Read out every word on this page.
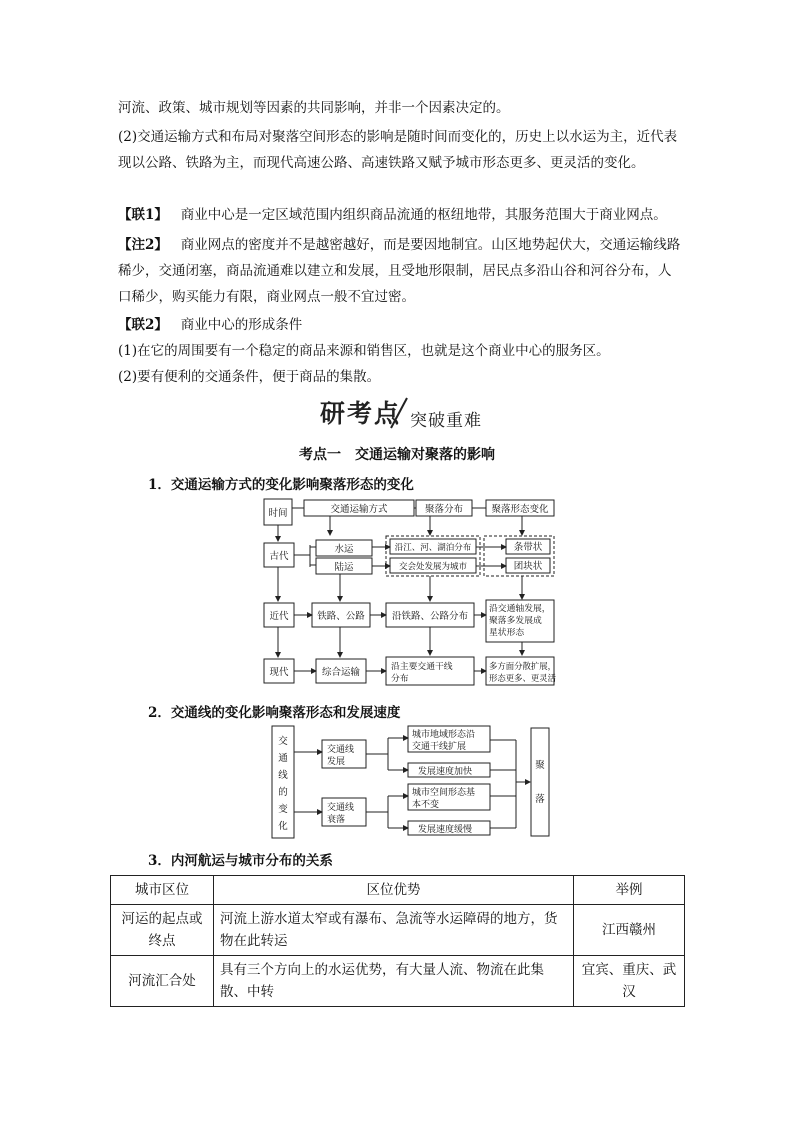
河流、政策、城市规划等因素的共同影响，并非一个因素决定的。

(2)交通运输方式和布局对聚落空间形态的影响是随时间而变化的，历史上以水运为主，近代表现以公路、铁路为主，而现代高速公路、高速铁路又赋予城市形态更多、更灵活的变化。

【联1】 商业中心是一定区域范围内组织商品流通的枢纽地带，其服务范围大于商业网点。

【注2】 商业网点的密度并不是越密越好，而是要因地制宜。山区地势起伏大，交通运输线路稀少，交通闭塞，商品流通难以建立和发展，且受地形限制，居民点多沿山谷和河谷分布，人口稀少，购买能力有限，商业网点一般不宜过密。

【联2】 商业中心的形成条件

(1)在它的周围要有一个稳定的商品来源和销售区，也就是这个商业中心的服务区。

(2)要有便利的交通条件，便于商品的集散。

研考点 突破重难
考点一　交通运输对聚落的影响
1．交通运输方式的变化影响聚落形态的变化
时间	交通运输方式	聚落分布	聚落形态变化
古代
水运
陆运
沿江、河、湖泊分布
交会处发展为城市
条带状
团块状
近代	铁路、公路	沿铁路、公路分布
沿交通轴发展，
聚落多发展成
星状形态
多方面分散扩展，
形态更多、更灵活
沿主要交通干线
分布
现代	综合运输
2．交通线的变化影响聚落形态和发展速度
交
通
线
的
变
化
聚
落
交通线
发展
交通线
衰落
城市地域形态沿
交通干线扩展
发展速度加快
城市空间形态基
本不变
发展速度缓慢
3．内河航运与城市分布的关系
城市区位	区位优势	举例
河运的起点或终点	河流上游水道太窄或有瀑布、急流等水运障碍的地方，货物在此转运	江西赣州
河流汇合处	具有三个方向上的水运优势，有大量人流、物流在此集散、中转	宜宾、重庆、武汉
